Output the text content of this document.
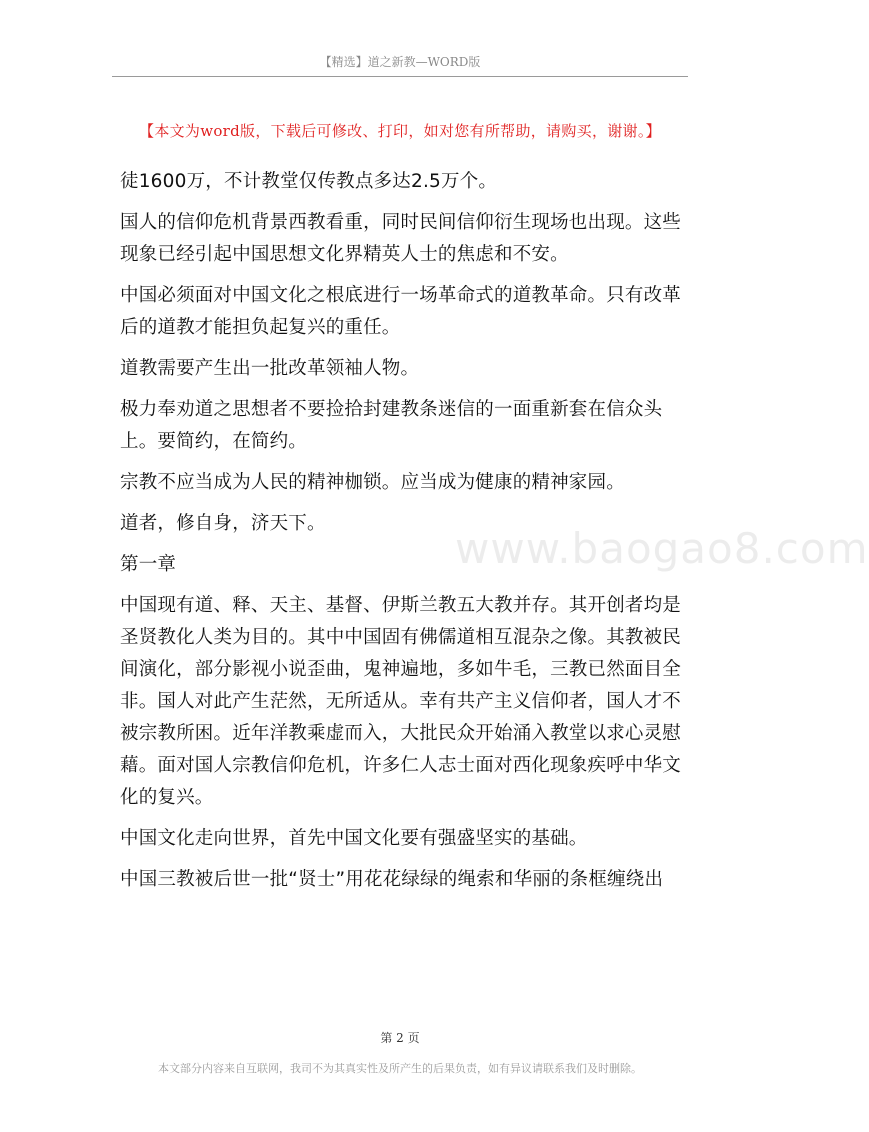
【精选】道之新教—WORD版
【本文为word版，下载后可修改、打印，如对您有所帮助，请购买，谢谢。】
www.baogao8.com

徒1600万，不计教堂仅传教点多达2.5万个。

国人的信仰危机背景西教看重，同时民间信仰衍生现场也出现。这些现象已经引起中国思想文化界精英人士的焦虑和不安。

中国必须面对中国文化之根底进行一场革命式的道教革命。只有改革后的道教才能担负起复兴的重任。

道教需要产生出一批改革领袖人物。

极力奉劝道之思想者不要捡拾封建教条迷信的一面重新套在信众头上。要简约，在简约。

宗教不应当成为人民的精神枷锁。应当成为健康的精神家园。

道者，修自身，济天下。

第一章

中国现有道、释、天主、基督、伊斯兰教五大教并存。其开创者均是圣贤教化人类为目的。其中中国固有佛儒道相互混杂之像。其教被民间演化，部分影视小说歪曲，鬼神遍地，多如牛毛，三教已然面目全非。国人对此产生茫然，无所适从。幸有共产主义信仰者，国人才不被宗教所困。近年洋教乘虚而入，大批民众开始涌入教堂以求心灵慰藉。面对国人宗教信仰危机，许多仁人志士面对西化现象疾呼中华文化的复兴。

中国文化走向世界，首先中国文化要有强盛坚实的基础。

中国三教被后世一批“贤士”用花花绿绿的绳索和华丽的条框缠绕出

第 2 页
本文部分内容来自互联网，我司不为其真实性及所产生的后果负责，如有异议请联系我们及时删除。
